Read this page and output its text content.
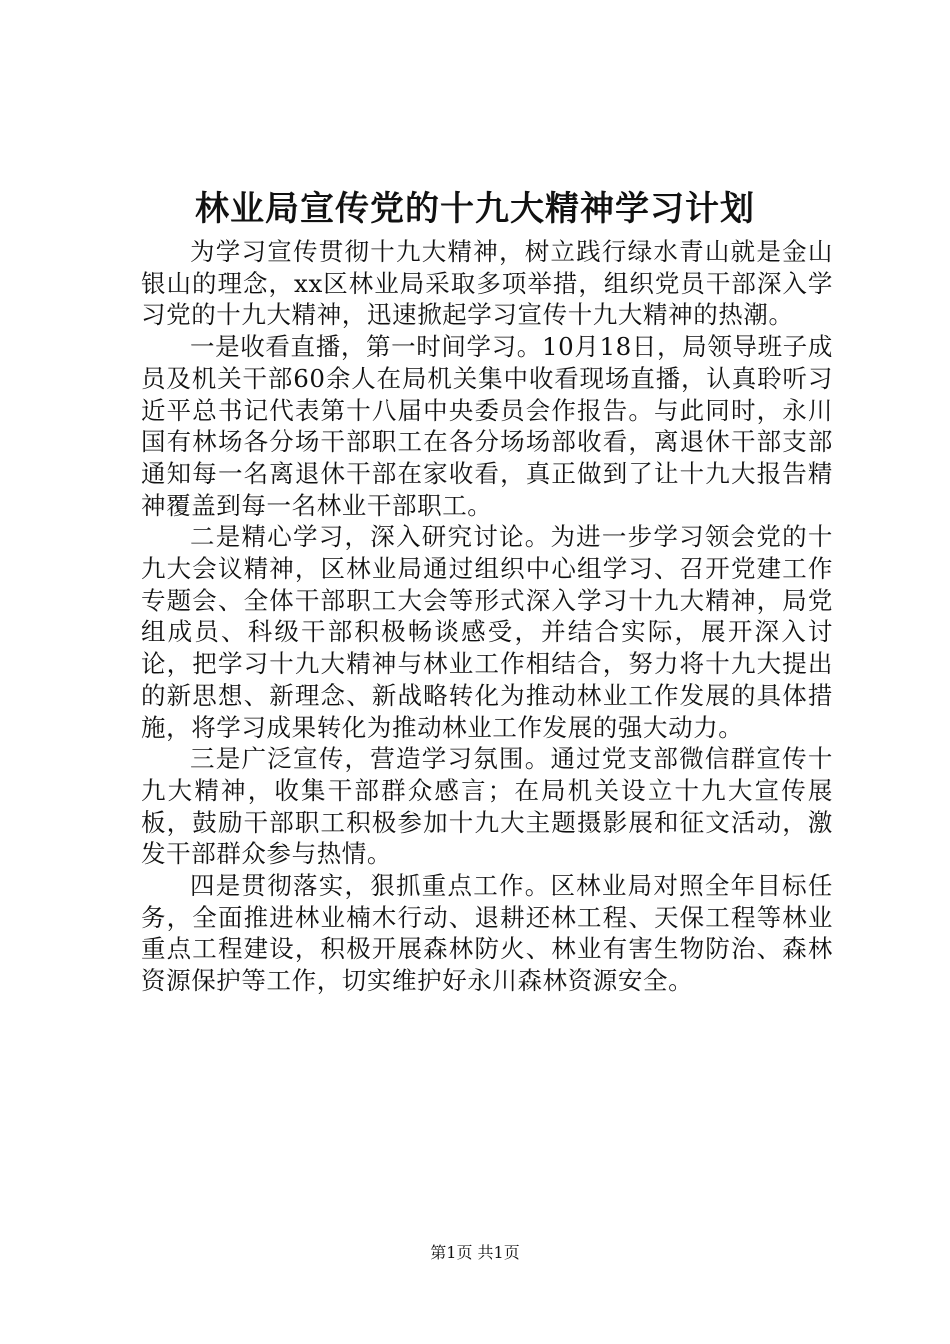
林业局宣传党的十九大精神学习计划

为学习宣传贯彻十九大精神，树立践行绿水青山就是金山银山的理念，xx区林业局采取多项举措，组织党员干部深入学习党的十九大精神，迅速掀起学习宣传十九大精神的热潮。

一是收看直播，第一时间学习。10月18日，局领导班子成员及机关干部60余人在局机关集中收看现场直播，认真聆听习近平总书记代表第十八届中央委员会作报告。与此同时，永川国有林场各分场干部职工在各分场场部收看，离退休干部支部通知每一名离退休干部在家收看，真正做到了让十九大报告精神覆盖到每一名林业干部职工。

二是精心学习，深入研究讨论。为进一步学习领会党的十九大会议精神，区林业局通过组织中心组学习、召开党建工作专题会、全体干部职工大会等形式深入学习十九大精神，局党组成员、科级干部积极畅谈感受，并结合实际，展开深入讨论，把学习十九大精神与林业工作相结合，努力将十九大提出的新思想、新理念、新战略转化为推动林业工作发展的具体措施，将学习成果转化为推动林业工作发展的强大动力。

三是广泛宣传，营造学习氛围。通过党支部微信群宣传十九大精神，收集干部群众感言；在局机关设立十九大宣传展板，鼓励干部职工积极参加十九大主题摄影展和征文活动，激发干部群众参与热情。

四是贯彻落实，狠抓重点工作。区林业局对照全年目标任务，全面推进林业楠木行动、退耕还林工程、天保工程等林业重点工程建设，积极开展森林防火、林业有害生物防治、森林资源保护等工作，切实维护好永川森林资源安全。

第1页 共1页
